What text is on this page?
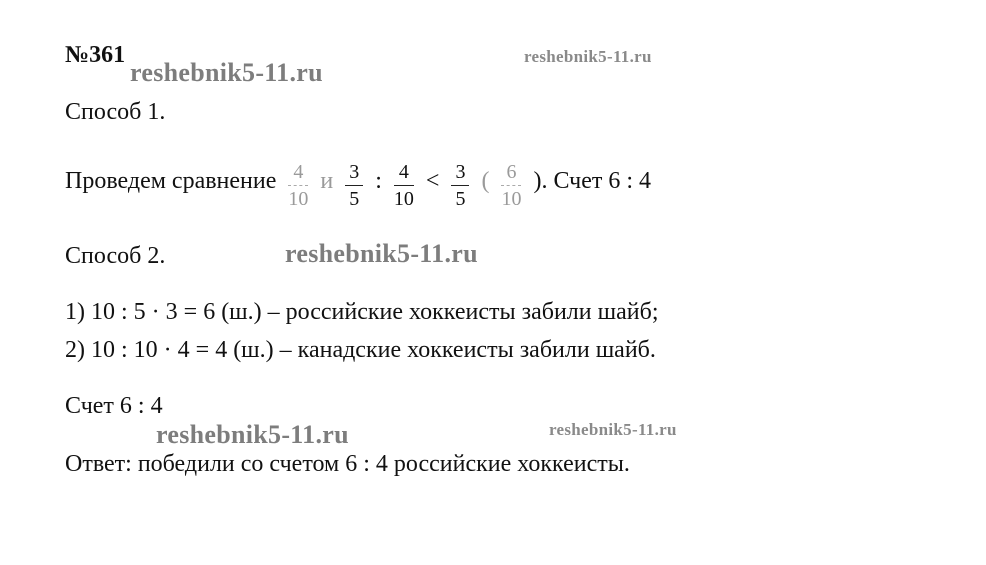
№361
reshebnik5-11.ru
reshebnik5-11.ru
Способ 1.
Проведем сравнение $\frac{4}{10}$ и $\frac{3}{5}$ : $\frac{4}{10} < \frac{3}{5}$ ( $\frac{6}{10}$ ). Счет 6 : 4
Способ 2.	reshebnik5-11.ru
1) 10 : 5 · 3 = 6 (ш.) – российские хоккеисты забили шайб;
2) 10 : 10 · 4 = 4 (ш.) – канадские хоккеисты забили шайб.
Счет 6 : 4
reshebnik5-11.ru	reshebnik5-11.ru
Ответ: победили со счетом 6 : 4 российские хоккеисты.
